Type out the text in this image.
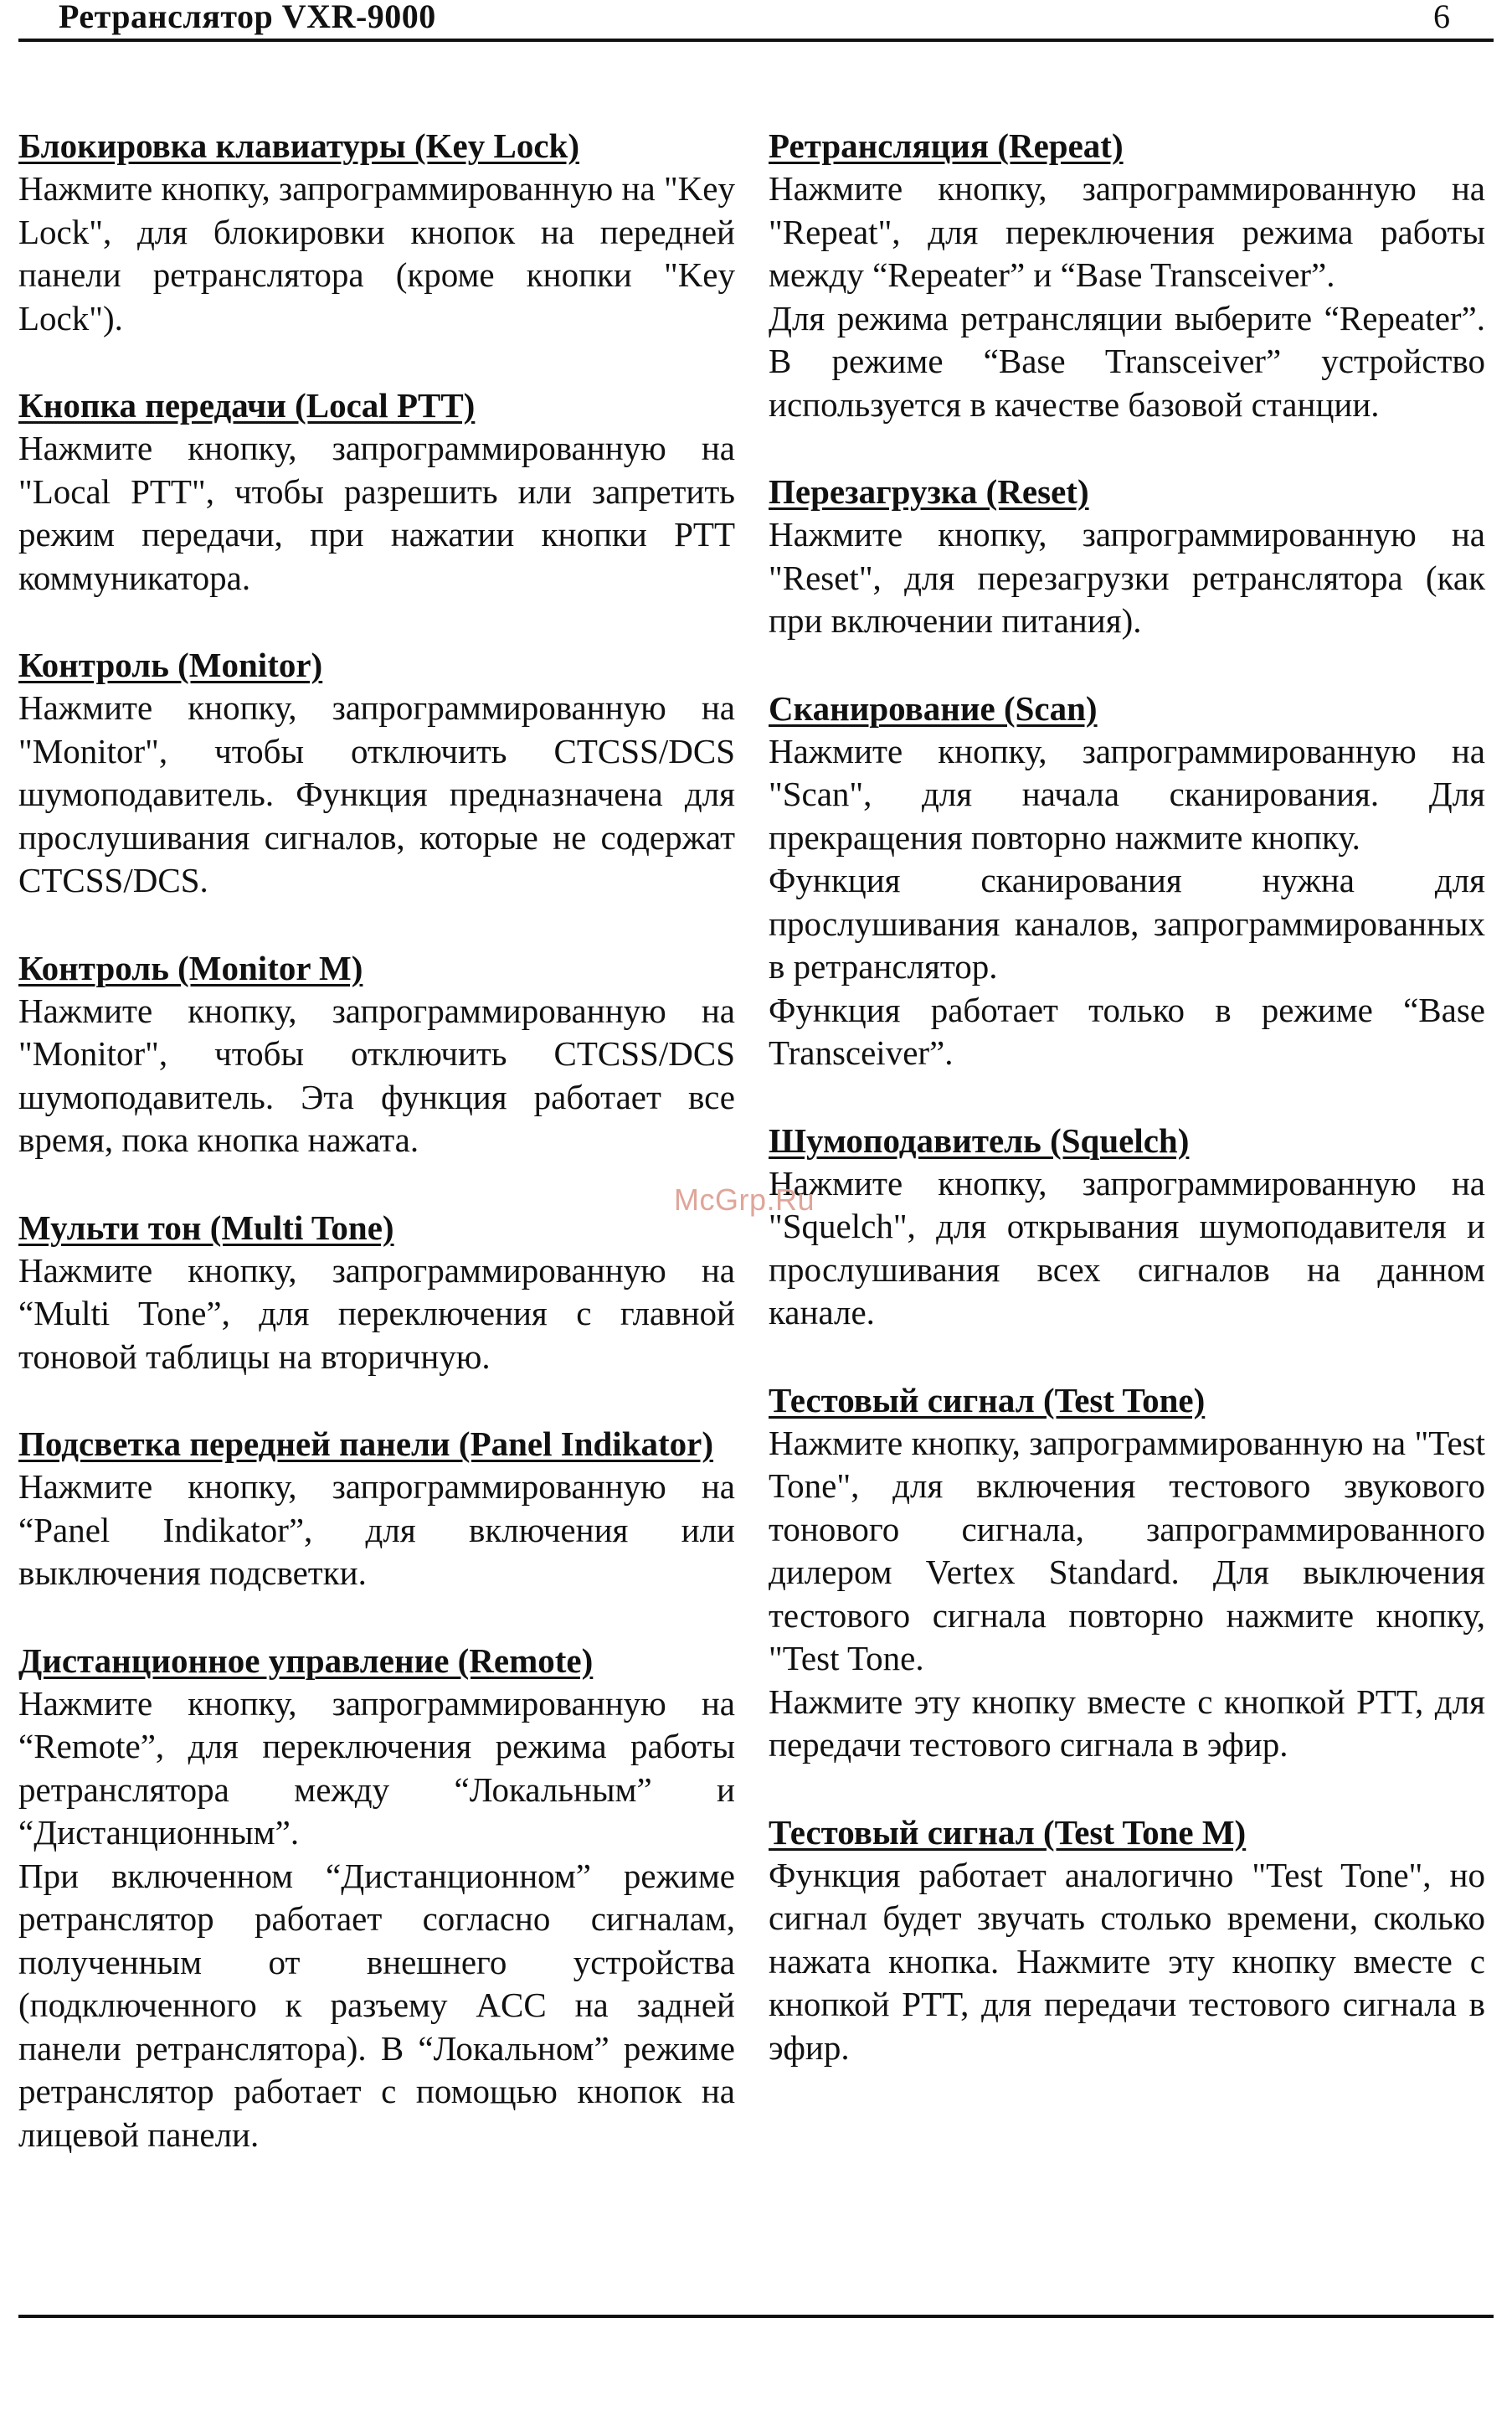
Ретранслятор VXR-9000	6
Блокировка клавиатуры (Key Lock)

Нажмите кнопку, запрограммированную на "Key Lock", для блокировки кнопок на передней панели ретранслятора (кроме кнопки "Key Lock").

Кнопка передачи (Local PTT)

Нажмите кнопку, запрограммированную на "Local PTT", чтобы разрешить или запретить режим передачи, при нажатии кнопки PTT коммуникатора.

Контроль (Monitor)

Нажмите кнопку, запрограммированную на "Monitor", чтобы отключить CTCSS/DCS шумоподавитель. Функция предназначена для прослушивания сигналов, которые не содержат CTCSS/DCS.

Контроль (Monitor M)

Нажмите кнопку, запрограммированную на "Monitor", чтобы отключить CTCSS/DCS шумоподавитель. Эта функция работает все время, пока кнопка нажата.

Мульти тон (Multi Tone)

Нажмите кнопку, запрограммированную на “Multi Tone”, для переключения с главной тоновой таблицы на вторичную.

Подсветка передней панели (Panel Indikator)

Нажмите кнопку, запрограммированную на “Panel Indikator”, для включения или выключения подсветки.

Дистанционное управление (Remote)

Нажмите кнопку, запрограммированную на “Remote”, для переключения режима работы ретранслятора между “Локальным” и “Дистанционным”.

При включенном “Дистанционном” режиме ретранслятор работает согласно сигналам, полученным от внешнего устройства (подключенного к разъему ACC на задней панели ретранслятора). В “Локальном” режиме ретранслятор работает с помощью кнопок на лицевой панели.

Ретрансляция (Repeat)

Нажмите кнопку, запрограммированную на "Repeat", для переключения режима работы между “Repeater” и “Base Transceiver”.

Для режима ретрансляции выберите “Repeater”. В режиме “Base Transceiver” устройство используется в качестве базовой станции.

Перезагрузка (Reset)

Нажмите кнопку, запрограммированную на "Reset", для перезагрузки ретранслятора (как при включении питания).

Сканирование (Scan)

Нажмите кнопку, запрограммированную на "Scan", для начала сканирования. Для прекращения повторно нажмите кнопку.

Функция сканирования нужна для прослушивания каналов, запрограммированных в ретранслятор.

Функция работает только в режиме “Base Transceiver”.

Шумоподавитель (Squelch)

Нажмите кнопку, запрограммированную на "Squelch", для открывания шумоподавителя и прослушивания всех сигналов на данном канале.

Тестовый сигнал (Test Tone)

Нажмите кнопку, запрограммированную на "Test Tone", для включения тестового звукового тонового сигнала, запрограммированного дилером Vertex Standard. Для выключения тестового сигнала повторно нажмите кнопку, "Test Tone.

Нажмите эту кнопку вместе с кнопкой PTT, для передачи тестового сигнала в эфир.

Тестовый сигнал (Test Tone M)

Функция работает аналогично "Test Tone", но сигнал будет звучать столько времени, сколько нажата кнопка. Нажмите эту кнопку вместе с кнопкой PTT, для передачи тестового сигнала в эфир.

McGrp.Ru
